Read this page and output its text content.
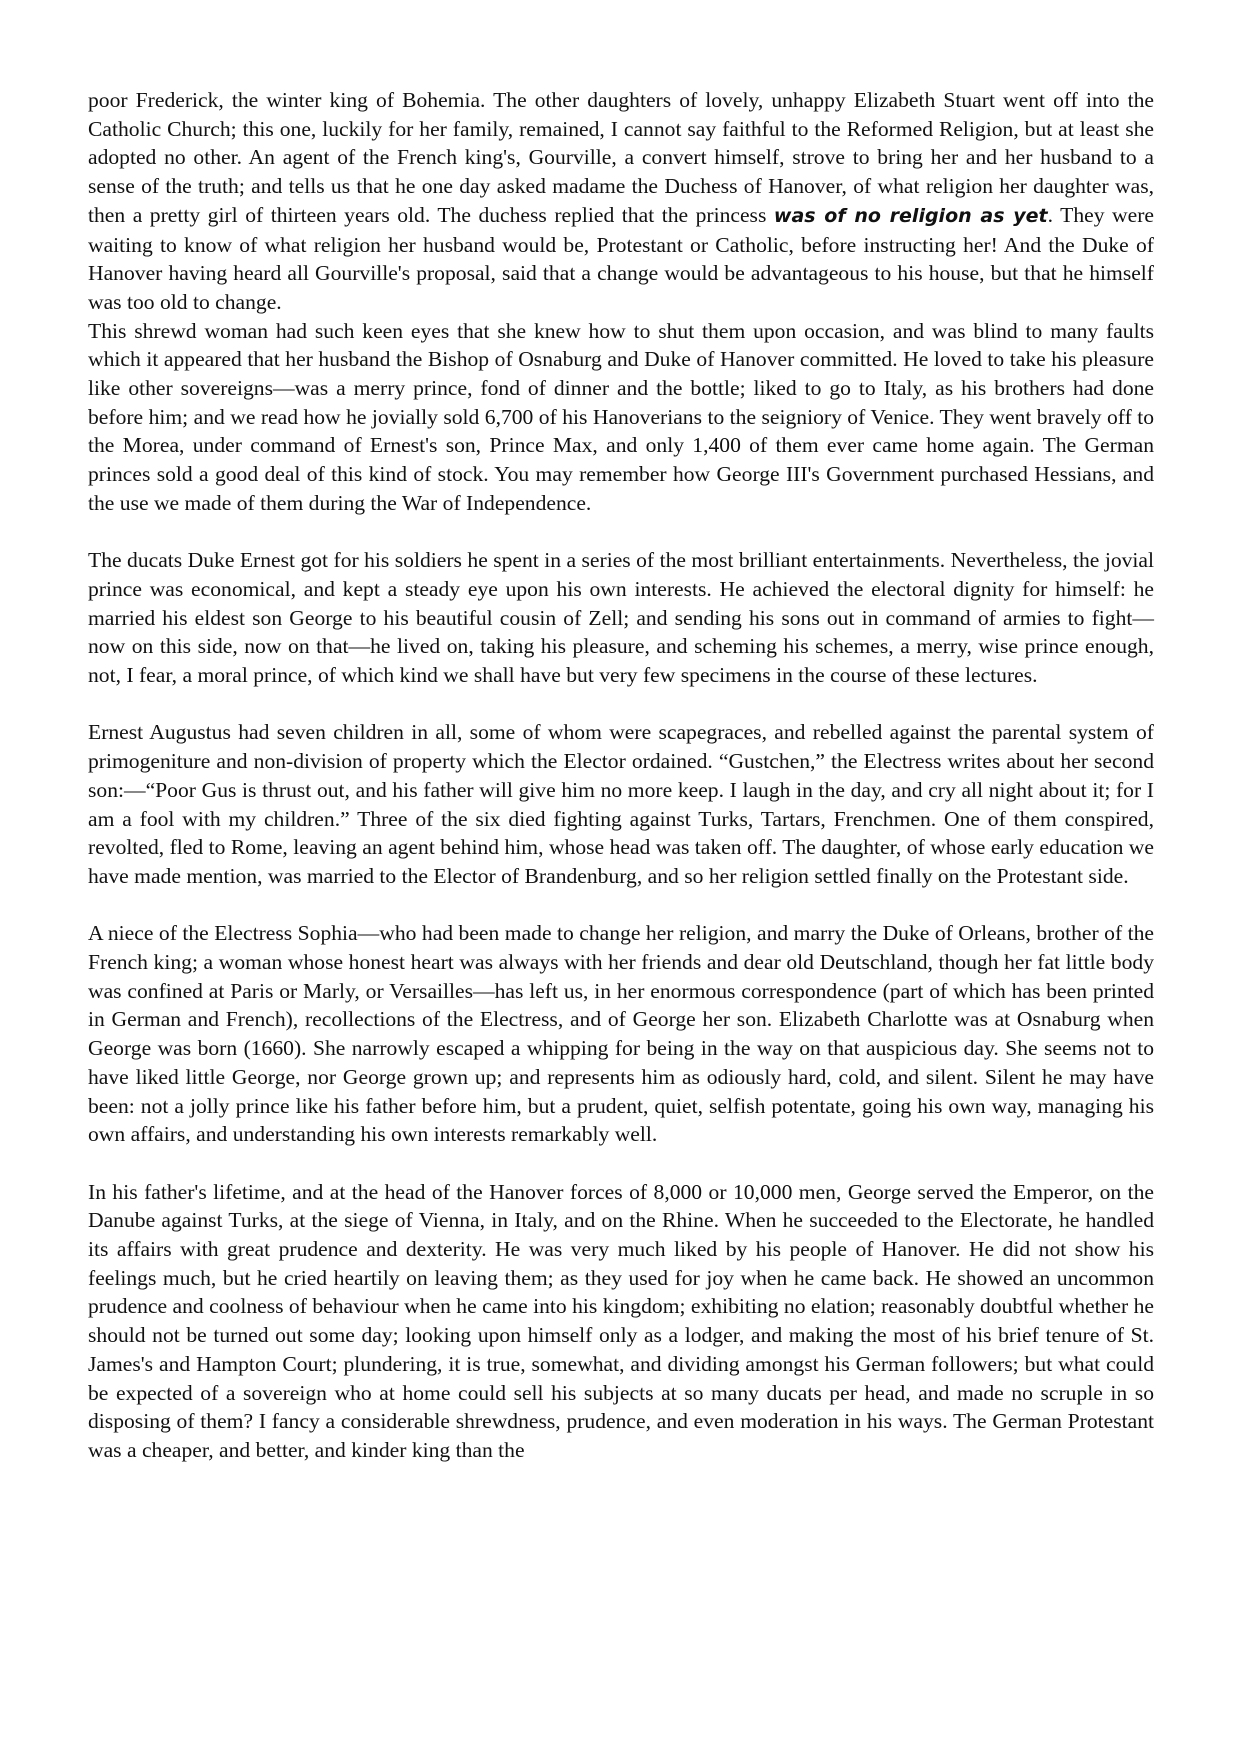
poor Frederick, the winter king of Bohemia. The other daughters of lovely, unhappy Elizabeth Stuart went off into the Catholic Church; this one, luckily for her family, remained, I cannot say faithful to the Reformed Religion, but at least she adopted no other. An agent of the French king's, Gourville, a convert himself, strove to bring her and her husband to a sense of the truth; and tells us that he one day asked madame the Duchess of Hanover, of what religion her daughter was, then a pretty girl of thirteen years old. The duchess replied that the princess was of no religion as yet. They were waiting to know of what religion her husband would be, Protestant or Catholic, before instructing her! And the Duke of Hanover having heard all Gourville's proposal, said that a change would be advantageous to his house, but that he himself was too old to change.

This shrewd woman had such keen eyes that she knew how to shut them upon occasion, and was blind to many faults which it appeared that her husband the Bishop of Osnaburg and Duke of Hanover committed. He loved to take his pleasure like other sovereigns—was a merry prince, fond of dinner and the bottle; liked to go to Italy, as his brothers had done before him; and we read how he jovially sold 6,700 of his Hanoverians to the seigniory of Venice. They went bravely off to the Morea, under command of Ernest's son, Prince Max, and only 1,400 of them ever came home again. The German princes sold a good deal of this kind of stock. You may remember how George III's Government purchased Hessians, and the use we made of them during the War of Independence.

The ducats Duke Ernest got for his soldiers he spent in a series of the most brilliant entertainments. Nevertheless, the jovial prince was economical, and kept a steady eye upon his own interests. He achieved the electoral dignity for himself: he married his eldest son George to his beautiful cousin of Zell; and sending his sons out in command of armies to fight—now on this side, now on that—he lived on, taking his pleasure, and scheming his schemes, a merry, wise prince enough, not, I fear, a moral prince, of which kind we shall have but very few specimens in the course of these lectures.

Ernest Augustus had seven children in all, some of whom were scapegraces, and rebelled against the parental system of primogeniture and non-division of property which the Elector ordained. “Gustchen,” the Electress writes about her second son:—“Poor Gus is thrust out, and his father will give him no more keep. I laugh in the day, and cry all night about it; for I am a fool with my children.” Three of the six died fighting against Turks, Tartars, Frenchmen. One of them conspired, revolted, fled to Rome, leaving an agent behind him, whose head was taken off. The daughter, of whose early education we have made mention, was married to the Elector of Brandenburg, and so her religion settled finally on the Protestant side.

A niece of the Electress Sophia—who had been made to change her religion, and marry the Duke of Orleans, brother of the French king; a woman whose honest heart was always with her friends and dear old Deutschland, though her fat little body was confined at Paris or Marly, or Versailles—has left us, in her enormous correspondence (part of which has been printed in German and French), recollections of the Electress, and of George her son. Elizabeth Charlotte was at Osnaburg when George was born (1660). She narrowly escaped a whipping for being in the way on that auspicious day. She seems not to have liked little George, nor George grown up; and represents him as odiously hard, cold, and silent. Silent he may have been: not a jolly prince like his father before him, but a prudent, quiet, selfish potentate, going his own way, managing his own affairs, and understanding his own interests remarkably well.

In his father's lifetime, and at the head of the Hanover forces of 8,000 or 10,000 men, George served the Emperor, on the Danube against Turks, at the siege of Vienna, in Italy, and on the Rhine. When he succeeded to the Electorate, he handled its affairs with great prudence and dexterity. He was very much liked by his people of Hanover. He did not show his feelings much, but he cried heartily on leaving them; as they used for joy when he came back. He showed an uncommon prudence and coolness of behaviour when he came into his kingdom; exhibiting no elation; reasonably doubtful whether he should not be turned out some day; looking upon himself only as a lodger, and making the most of his brief tenure of St. James's and Hampton Court; plundering, it is true, somewhat, and dividing amongst his German followers; but what could be expected of a sovereign who at home could sell his subjects at so many ducats per head, and made no scruple in so disposing of them? I fancy a considerable shrewdness, prudence, and even moderation in his ways. The German Protestant was a cheaper, and better, and kinder king than the
